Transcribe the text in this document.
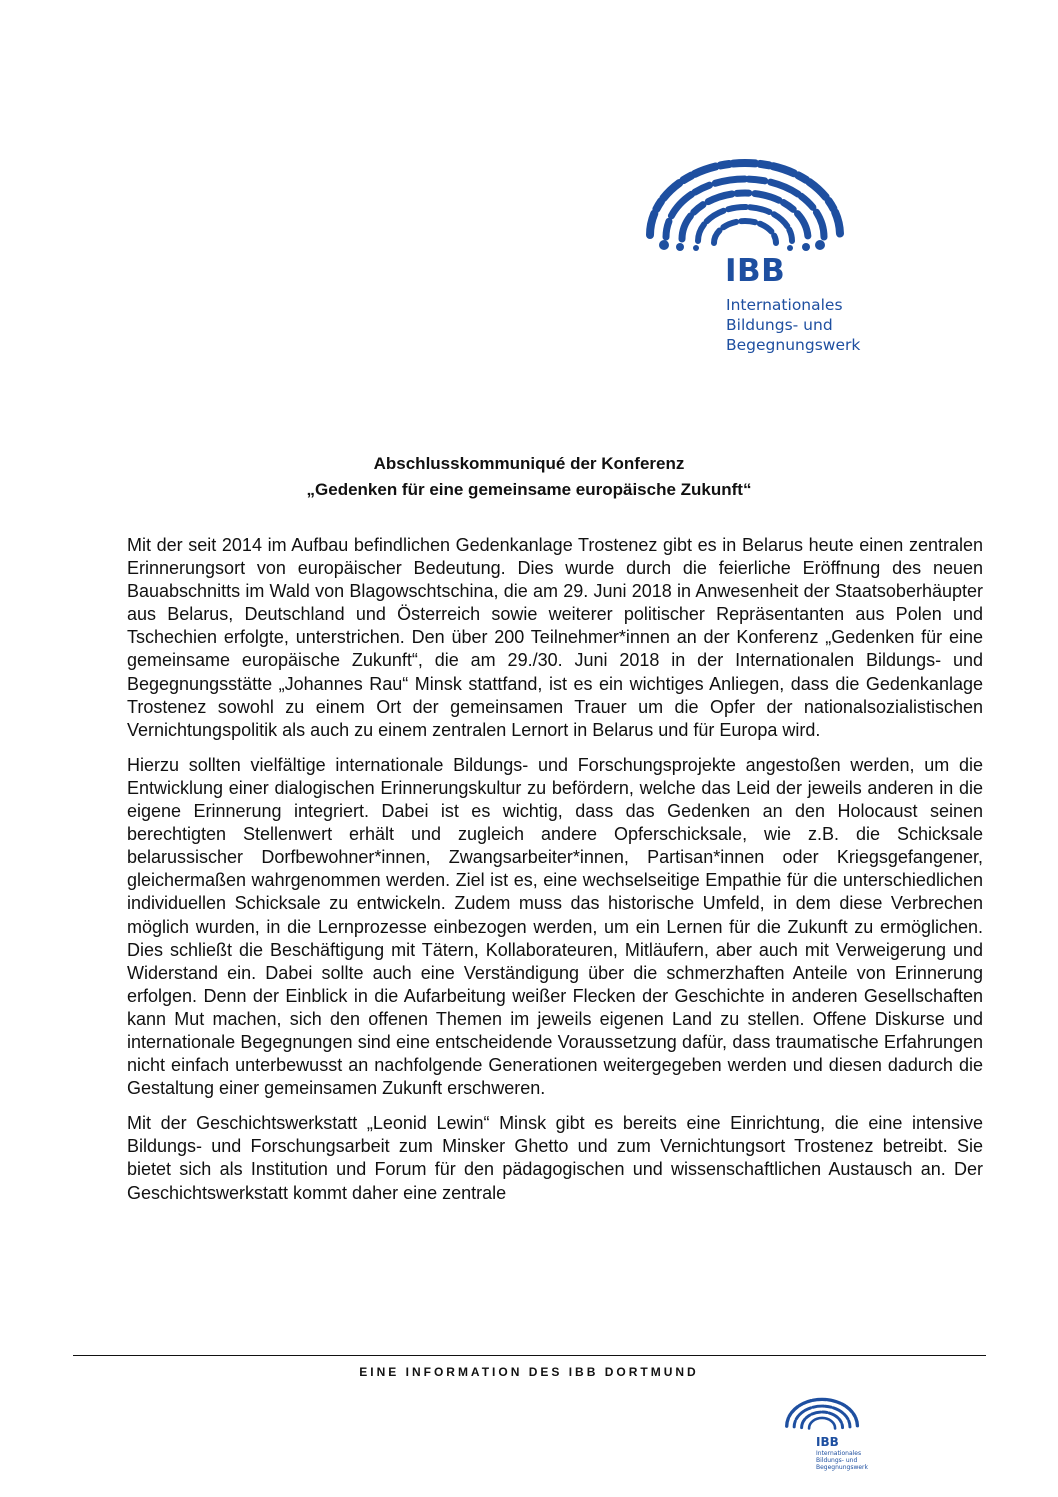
IBB
Internationales
Bildungs- und
Begegnungswerk
Abschlusskommuniqué der Konferenz
„Gedenken für eine gemeinsame europäische Zukunft“

Mit der seit 2014 im Aufbau befindlichen Gedenkanlage Trostenez gibt es in Belarus heute einen zentralen Erinnerungsort von europäischer Bedeutung. Dies wurde durch die feierliche Eröffnung des neuen Bauabschnitts im Wald von Blagowschtschina, die am 29. Juni 2018 in Anwesenheit der Staatsoberhäupter aus Belarus, Deutschland und Österreich sowie weiterer politischer Repräsentanten aus Polen und Tschechien erfolgte, unterstrichen. Den über 200 Teilnehmer*innen an der Konferenz „Gedenken für eine gemeinsame europäische Zukunft“, die am 29./30. Juni 2018 in der Internationalen Bildungs- und Begegnungsstätte „Johannes Rau“ Minsk stattfand, ist es ein wichtiges Anliegen, dass die Gedenkanlage Trostenez sowohl zu einem Ort der gemeinsamen Trauer um die Opfer der nationalsozialistischen Vernichtungspolitik als auch zu einem zentralen Lernort in Belarus und für Europa wird.

Hierzu sollten vielfältige internationale Bildungs- und Forschungsprojekte angestoßen werden, um die Entwicklung einer dialogischen Erinnerungskultur zu befördern, welche das Leid der jeweils anderen in die eigene Erinnerung integriert. Dabei ist es wichtig, dass das Gedenken an den Holocaust seinen berechtigten Stellenwert erhält und zugleich andere Opferschicksale, wie z.B. die Schicksale belarussischer Dorfbewohner*innen, Zwangsarbeiter*innen, Partisan*innen oder Kriegsgefangener, gleichermaßen wahrgenommen werden. Ziel ist es, eine wechselseitige Empathie für die unterschiedlichen individuellen Schicksale zu entwickeln. Zudem muss das historische Umfeld, in dem diese Verbrechen möglich wurden, in die Lernprozesse einbezogen werden, um ein Lernen für die Zukunft zu ermöglichen. Dies schließt die Beschäftigung mit Tätern, Kollaborateuren, Mitläufern, aber auch mit Verweigerung und Widerstand ein. Dabei sollte auch eine Verständigung über die schmerzhaften Anteile von Erinnerung erfolgen. Denn der Einblick in die Aufarbeitung weißer Flecken der Geschichte in anderen Gesellschaften kann Mut machen, sich den offenen Themen im jeweils eigenen Land zu stellen. Offene Diskurse und internationale Begegnungen sind eine entscheidende Voraussetzung dafür, dass traumatische Erfahrungen nicht einfach unterbewusst an nachfolgende Generationen weitergegeben werden und diesen dadurch die Gestaltung einer gemeinsamen Zukunft erschweren.

Mit der Geschichtswerkstatt „Leonid Lewin“ Minsk gibt es bereits eine Einrichtung, die eine intensive Bildungs- und Forschungsarbeit zum Minsker Ghetto und zum Vernichtungsort Trostenez betreibt. Sie bietet sich als Institution und Forum für den pädagogischen und wissenschaftlichen Austausch an. Der Geschichtswerkstatt kommt daher eine zentrale

EINE INFORMATION DES IBB DORTMUND
IBB
Internationales
Bildungs- und
Begegnungswerk
